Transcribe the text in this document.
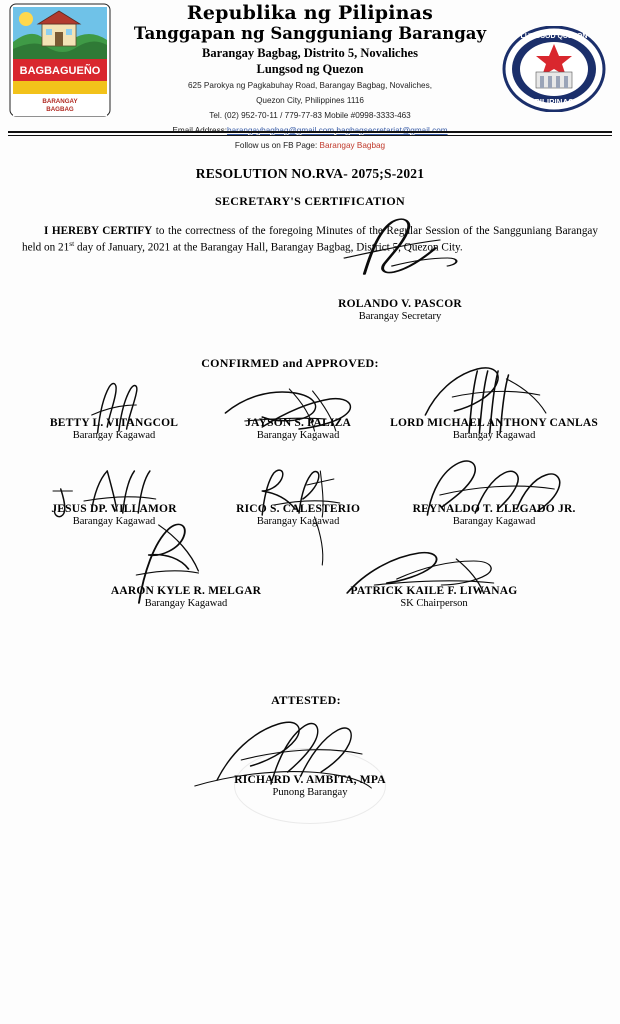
BAGBAGUEÑO
BARANGAY
BAGBAG
LUNGSOD QUEZON
PILIPINAS
Republika ng Pilipinas
Tanggapan ng Sangguniang Barangay
Barangay Bagbag, Distrito 5, Novaliches
Lungsod ng Quezon
625 Parokya ng Pagkabuhay Road, Barangay Bagbag, Novaliches,
Quezon City, Philippines 1116
Tel. (02) 952-70-11 / 779-77-83 Mobile #0998-3333-463
Email Address:barangaybagbag@gmail.com,bagbagsecretariat@gmail.com
Follow us on FB Page: Barangay Bagbag
RESOLUTION NO.RVA- 2075;S-2021
SECRETARY'S CERTIFICATION
I HEREBY CERTIFY to the correctness of the foregoing Minutes of the Regular Session of the Sangguniang Barangay held on 21st day of January, 2021 at the Barangay Hall, Barangay Bagbag, District 5, Quezon City.
ROLANDO V. PASCOR
Barangay Secretary
CONFIRMED and APPROVED:
BETTY L. VITANGCOL
Barangay Kagawad
JAYSON S. PALIZA
Barangay Kagawad
LORD MICHAEL ANTHONY CANLAS
Barangay Kagawad
JESUS DP. VILLAMOR
Barangay Kagawad
RICO S. CALESTERIO
Barangay Kagawad
REYNALDO T. LLEGADO JR.
Barangay Kagawad
AARON KYLE R. MELGAR
Barangay Kagawad
PATRICK KAILE F. LIWANAG
SK Chairperson
ATTESTED:
RICHARD V. AMBITA, MPA
Punong Barangay
